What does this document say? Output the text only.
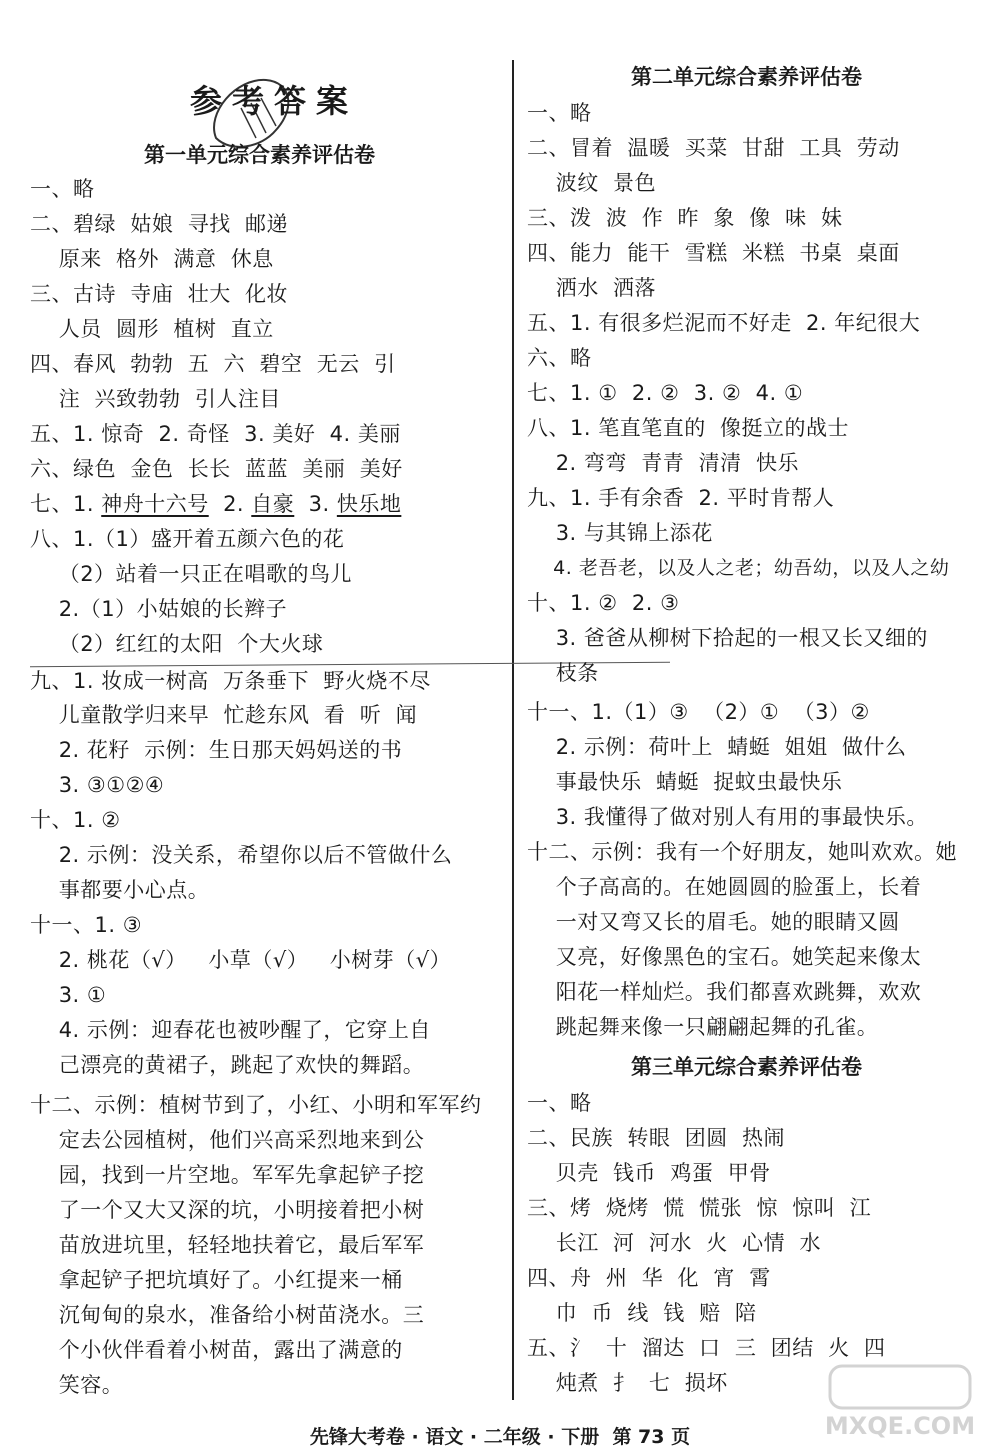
参考答案
第一单元综合素养评估卷
一、略
二、碧绿  姑娘  寻找  邮递
原来  格外  满意  休息
三、古诗  寺庙  壮大  化妆
人员  圆形  植树  直立
四、春风  勃勃  五  六  碧空  无云  引
注  兴致勃勃  引人注目
五、1. 惊奇  2. 奇怪  3. 美好  4. 美丽
六、绿色  金色  长长  蓝蓝  美丽  美好
七、1. 神舟十六号  2. 自豪  3. 快乐地
八、1.（1）盛开着五颜六色的花
（2）站着一只正在唱歌的鸟儿
2.（1）小姑娘的长辫子
（2）红红的太阳  个大火球
九、1. 妆成一树高  万条垂下  野火烧不尽
儿童散学归来早  忙趁东风  看  听  闻
2. 花籽  示例：生日那天妈妈送的书
3. ③①②④
十、1. ②
2. 示例：没关系，希望你以后不管做什么
事都要小心点。
十一、1. ③
2. 桃花（√）   小草（√）   小树芽（√）
3. ①
4. 示例：迎春花也被吵醒了，它穿上自
己漂亮的黄裙子，跳起了欢快的舞蹈。
十二、示例：植树节到了，小红、小明和军军约
定去公园植树，他们兴高采烈地来到公
园，找到一片空地。军军先拿起铲子挖
了一个又大又深的坑，小明接着把小树
苗放进坑里，轻轻地扶着它，最后军军
拿起铲子把坑填好了。小红提来一桶
沉甸甸的泉水，准备给小树苗浇水。三
个小伙伴看着小树苗，露出了满意的
笑容。
第二单元综合素养评估卷
一、略
二、冒着  温暖  买菜  甘甜  工具  劳动
波纹  景色
三、泼  波  作  昨  象  像  味  妹
四、能力  能干  雪糕  米糕  书桌  桌面
洒水  洒落
五、1. 有很多烂泥而不好走  2. 年纪很大
六、略
七、1. ①  2. ②  3. ②  4. ①
八、1. 笔直笔直的  像挺立的战士
2. 弯弯  青青  清清  快乐
九、1. 手有余香  2. 平时肯帮人
3. 与其锦上添花
4. 老吾老，以及人之老；幼吾幼，以及人之幼
十、1. ②  2. ③
3. 爸爸从柳树下拾起的一根又长又细的
枝条
十一、1.（1）③  （2）①  （3）②
2. 示例：荷叶上  蜻蜓  姐姐  做什么
事最快乐  蜻蜓  捉蚊虫最快乐
3. 我懂得了做对别人有用的事最快乐。
十二、示例：我有一个好朋友，她叫欢欢。她
个子高高的。在她圆圆的脸蛋上，长着
一对又弯又长的眉毛。她的眼睛又圆
又亮，好像黑色的宝石。她笑起来像太
阳花一样灿烂。我们都喜欢跳舞，欢欢
跳起舞来像一只翩翩起舞的孔雀。
第三单元综合素养评估卷
一、略
二、民族  转眼  团圆  热闹
贝壳  钱币  鸡蛋  甲骨
三、烤  烧烤  慌  慌张  惊  惊叫  江
长江  河  河水  火  心情  水
四、舟  州  华  化  宵  霄
巾  币  线  钱  赔  陪
五、氵  十  溜达  口  三  团结  火  四
炖煮  扌  七  损坏
MXQE.COM
先锋大考卷 · 语文 · 二年级 · 下册  第 73 页
